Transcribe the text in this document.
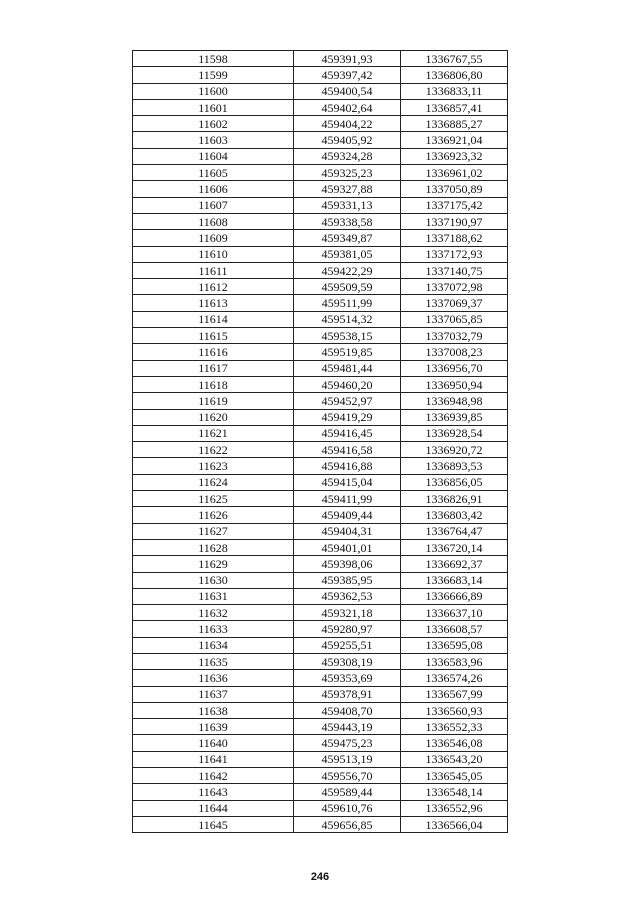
11598	459391,93	1336767,55
11599	459397,42	1336806,80
11600	459400,54	1336833,11
11601	459402,64	1336857,41
11602	459404,22	1336885,27
11603	459405,92	1336921,04
11604	459324,28	1336923,32
11605	459325,23	1336961,02
11606	459327,88	1337050,89
11607	459331,13	1337175,42
11608	459338,58	1337190,97
11609	459349,87	1337188,62
11610	459381,05	1337172,93
11611	459422,29	1337140,75
11612	459509,59	1337072,98
11613	459511,99	1337069,37
11614	459514,32	1337065,85
11615	459538,15	1337032,79
11616	459519,85	1337008,23
11617	459481,44	1336956,70
11618	459460,20	1336950,94
11619	459452,97	1336948,98
11620	459419,29	1336939,85
11621	459416,45	1336928,54
11622	459416,58	1336920,72
11623	459416,88	1336893,53
11624	459415,04	1336856,05
11625	459411,99	1336826,91
11626	459409,44	1336803,42
11627	459404,31	1336764,47
11628	459401,01	1336720,14
11629	459398,06	1336692,37
11630	459385,95	1336683,14
11631	459362,53	1336666,89
11632	459321,18	1336637,10
11633	459280,97	1336608,57
11634	459255,51	1336595,08
11635	459308,19	1336583,96
11636	459353,69	1336574,26
11637	459378,91	1336567,99
11638	459408,70	1336560,93
11639	459443,19	1336552,33
11640	459475,23	1336546,08
11641	459513,19	1336543,20
11642	459556,70	1336545,05
11643	459589,44	1336548,14
11644	459610,76	1336552,96
11645	459656,85	1336566,04
246
